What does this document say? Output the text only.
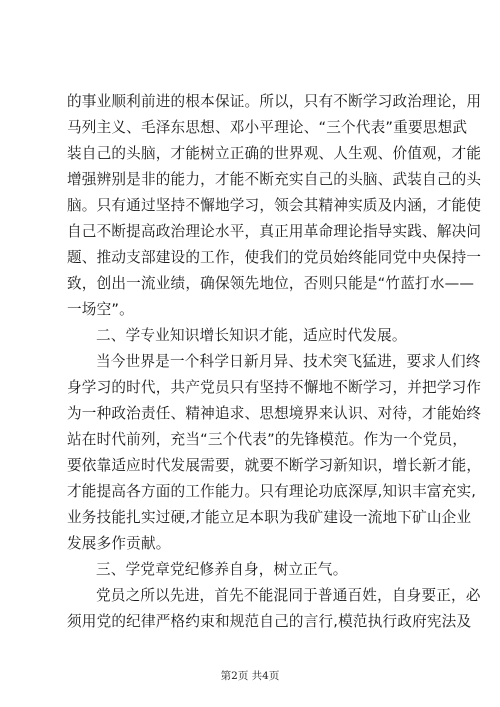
的事业顺利前进的根本保证。所以，只有不断学习政治理论，用
马列主义、毛泽东思想、邓小平理论、“三个代表”重要思想武
装自己的头脑，才能树立正确的世界观、人生观、价值观，才能
增强辨别是非的能力，才能不断充实自己的头脑、武装自己的头
脑。只有通过坚持不懈地学习，领会其精神实质及内涵，才能使
自己不断提高政治理论水平，真正用革命理论指导实践、解决问
题、推动支部建设的工作，使我们的党员始终能同党中央保持一
致，创出一流业绩，确保领先地位，否则只能是“竹蓝打水——
一场空”。
二、学专业知识增长知识才能，适应时代发展。
当今世界是一个科学日新月异、技术突飞猛进，要求人们终
身学习的时代，共产党员只有坚持不懈地不断学习，并把学习作
为一种政治责任、精神追求、思想境界来认识、对待，才能始终
站在时代前列，充当“三个代表”的先锋模范。作为一个党员，
要依靠适应时代发展需要，就要不断学习新知识，增长新才能，
才能提高各方面的工作能力。只有理论功底深厚,知识丰富充实,
业务技能扎实过硬,才能立足本职为我矿建设一流地下矿山企业
发展多作贡献。
三、学党章党纪修养自身，树立正气。
党员之所以先进，首先不能混同于普通百姓，自身要正，必
须用党的纪律严格约束和规范自己的言行,模范执行政府宪法及
第2页 共4页
